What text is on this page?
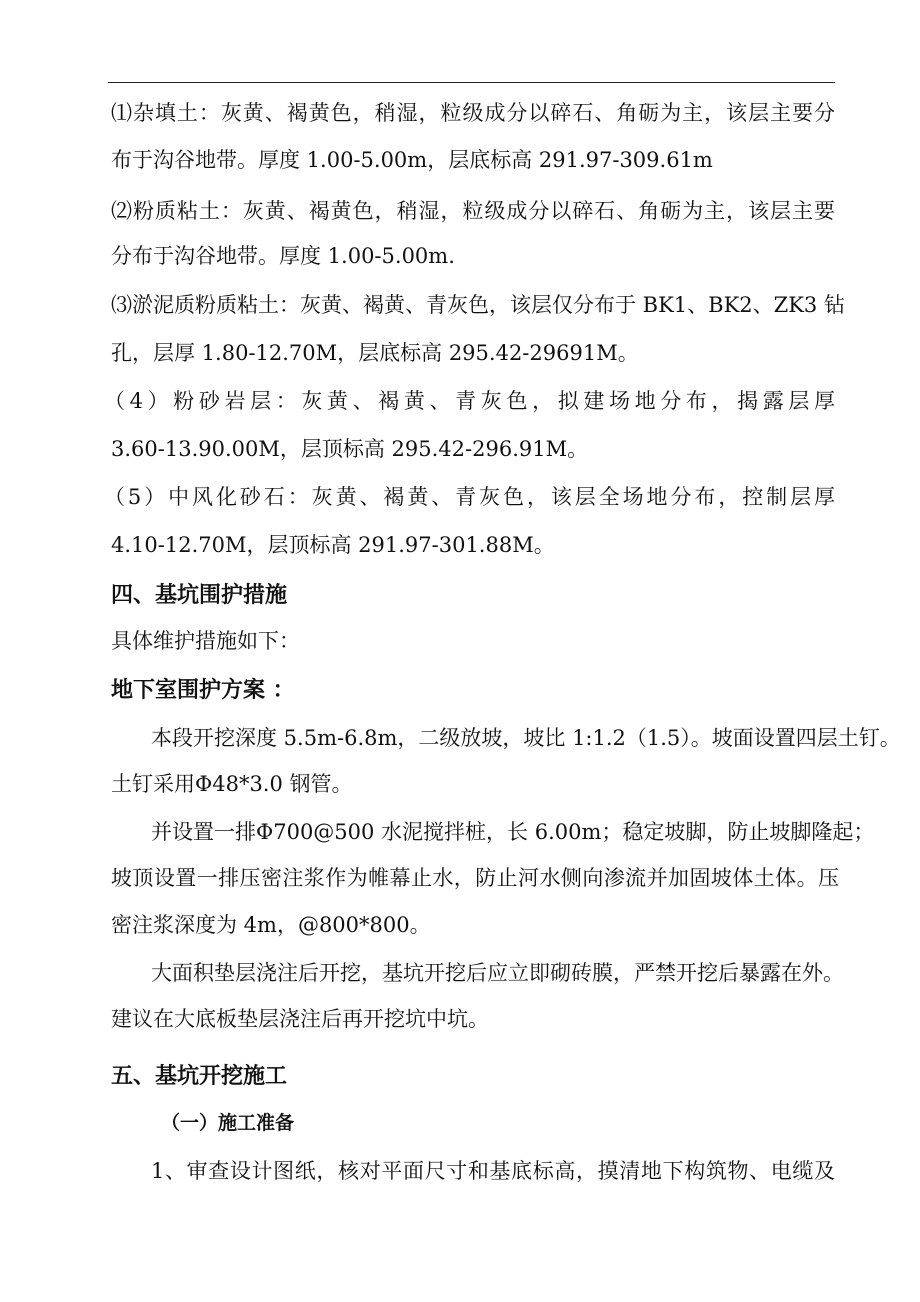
⑴杂填土：灰黄、褐黄色，稍湿，粒级成分以碎石、角砺为主，该层主要分
布于沟谷地带。厚度 1.00-5.00m，层底标高 291.97-309.61m
⑵粉质粘土：灰黄、褐黄色，稍湿，粒级成分以碎石、角砺为主，该层主要
分布于沟谷地带。厚度 1.00-5.00m.
⑶淤泥质粉质粘土：灰黄、褐黄、青灰色，该层仅分布于 BK1、BK2、ZK3 钻
孔，层厚 1.80-12.70M，层底标高 295.42-29691M。
（4）粉砂岩层：灰黄、褐黄、青灰色，拟建场地分布，揭露层厚
3.60-13.90.00M，层顶标高 295.42-296.91M。
（5）中风化砂石：灰黄、褐黄、青灰色，该层全场地分布，控制层厚
4.10-12.70M，层顶标高 291.97-301.88M。
四、基坑围护措施
具体维护措施如下：
地下室围护方案 ：
本段开挖深度 5.5m-6.8m，二级放坡，坡比 1:1.2（1.5）。坡面设置四层土钉。
土钉采用Φ48*3.0 钢管。
并设置一排Φ700@500 水泥搅拌桩，长 6.00m；稳定坡脚，防止坡脚隆起；
坡顶设置一排压密注浆作为帷幕止水，防止河水侧向渗流并加固坡体土体。压
密注浆深度为 4m，@800*800。
大面积垫层浇注后开挖，基坑开挖后应立即砌砖膜，严禁开挖后暴露在外。
建议在大底板垫层浇注后再开挖坑中坑。
五、基坑开挖施工
（一）施工准备
1、审查设计图纸，核对平面尺寸和基底标高，摸清地下构筑物、电缆及
